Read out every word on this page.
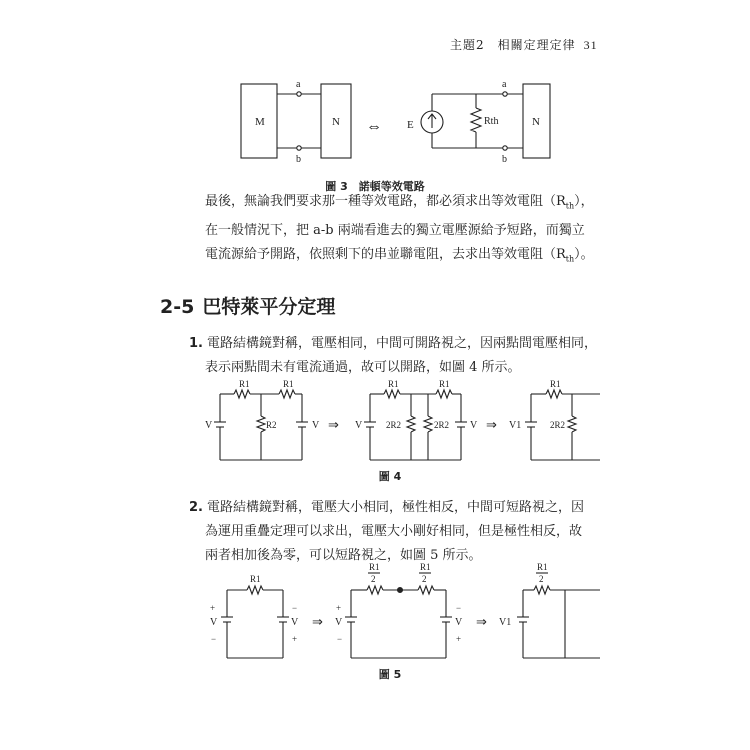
主題2　相關定理定律 31
M	N
a
b
⇔ E	Rth	N
a
b
R1	R1
R2
V	V ⇒
R1	R1
2R2	2R2
V	V ⇒
R1
2R2
V1
R1
+
V
−
−
V
+
⇒
R1
2
R1
2
+
V
−
−
V
+
⇒
R1
2
V1
圖 3　諾頓等效電路
最後，無論我們要求那一種等效電路，都必須求出等效電阻$(R_{th})$，
在一般情況下，把 a-b 兩端看進去的獨立電壓源給予短路，而獨立
電流源給予開路，依照剩下的串並聯電阻，去求出等效電阻$(R_{th})$。
2-5 巴特萊平分定理
1. 電路結構鏡對稱，電壓相同，中間可開路視之，因兩點間電壓相同，
表示兩點間未有電流通過，故可以開路，如圖 4 所示。
圖 4
2. 電路結構鏡對稱，電壓大小相同，極性相反，中間可短路視之，因
為運用重疊定理可以求出，電壓大小剛好相同，但是極性相反，故
兩者相加後為零，可以短路視之，如圖 5 所示。
圖 5
